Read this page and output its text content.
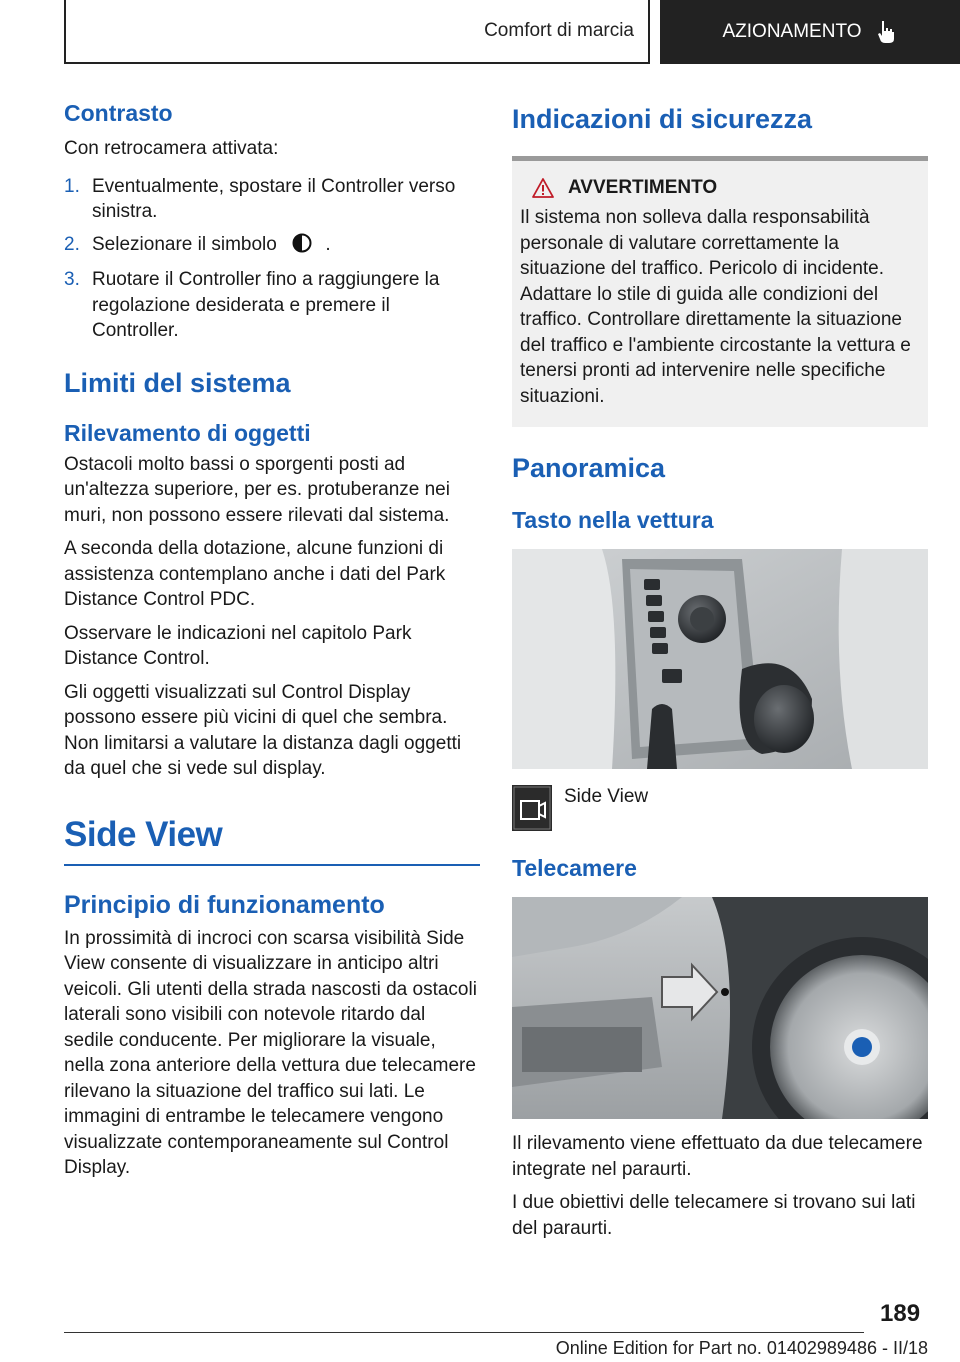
Comfort di marcia	AZIONAMENTO
Contrasto

Con retrocamera attivata:

1. Eventualmente, spostare il Controller verso sinistra.
2. Selezionare il simbolo	.
3. Ruotare il Controller fino a raggiungere la regolazione desiderata e premere il Controller.
Limiti del sistema
Rilevamento di oggetti

Ostacoli molto bassi o sporgenti posti ad un'altezza superiore, per es. protuberanze nei muri, non possono essere rilevati dal sistema.

A seconda della dotazione, alcune funzioni di assistenza contemplano anche i dati del Park Distance Control PDC.

Osservare le indicazioni nel capitolo Park Distance Control.

Gli oggetti visualizzati sul Control Display possono essere più vicini di quel che sembra. Non limitarsi a valutare la distanza dagli oggetti da quel che si vede sul display.

Side View
Principio di funzionamento

In prossimità di incroci con scarsa visibilità Side View consente di visualizzare in anticipo altri veicoli. Gli utenti della strada nascosti da ostacoli laterali sono visibili con notevole ritardo dal sedile conducente. Per migliorare la visuale, nella zona anteriore della vettura due telecamere rilevano la situazione del traffico sui lati. Le immagini di entrambe le telecamere vengono visualizzate contemporaneamente sul Control Display.

Indicazioni di sicurezza
AVVERTIMENTO

Il sistema non solleva dalla responsabilità personale di valutare correttamente la situazione del traffico. Pericolo di incidente. Adattare lo stile di guida alle condizioni del traffico. Controllare direttamente la situazione del traffico e l'ambiente circostante la vettura e tenersi pronti ad intervenire nelle specifiche situazioni.

Panoramica
Tasto nella vettura
Side View
Telecamere

Il rilevamento viene effettuato da due telecamere integrate nel paraurti.

I due obiettivi delle telecamere si trovano sui lati del paraurti.

189
Online Edition for Part no. 01402989486 - II/18
